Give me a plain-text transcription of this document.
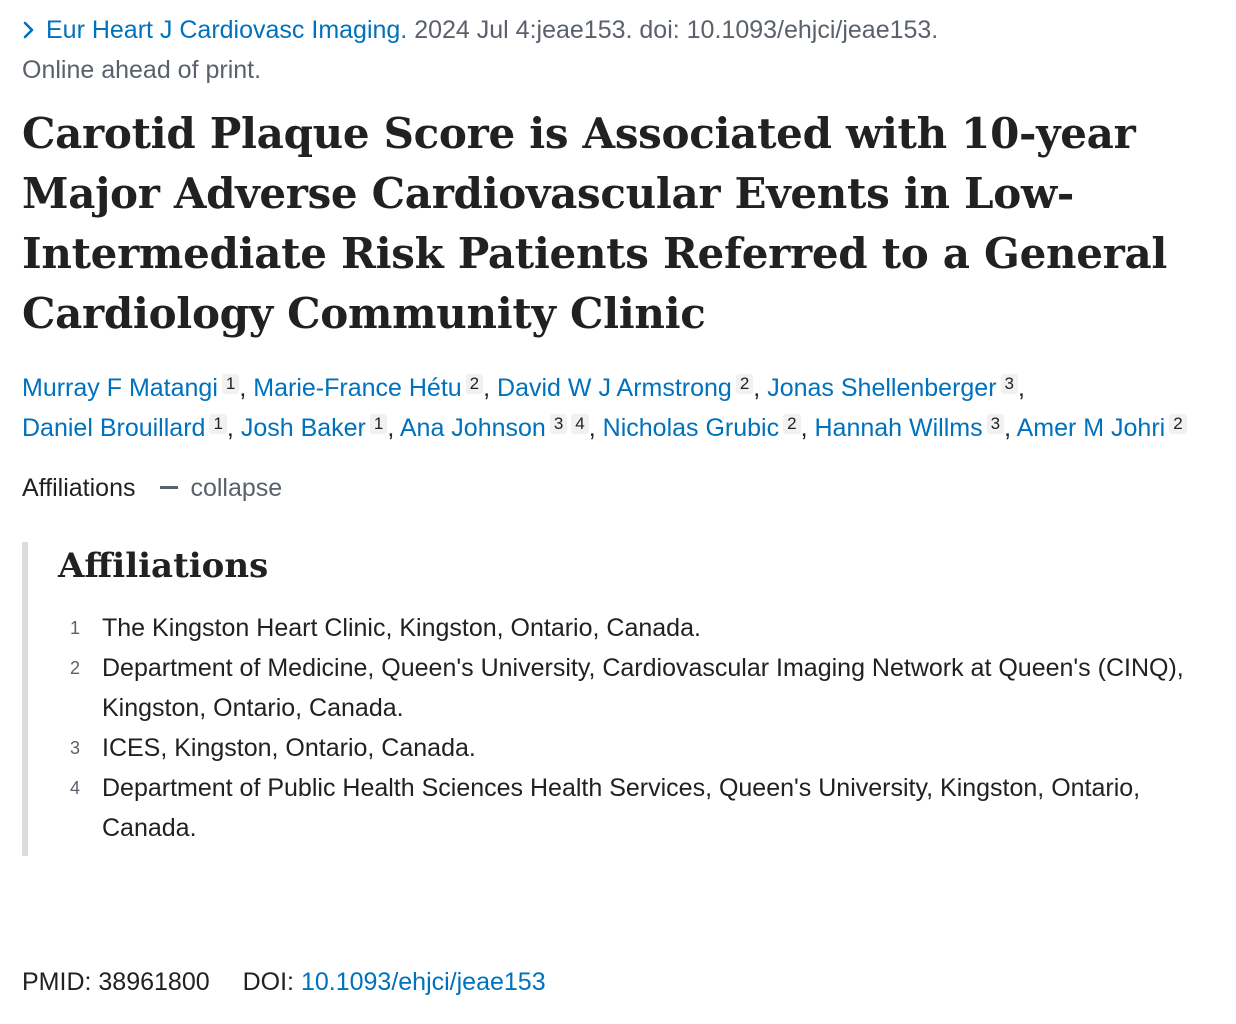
Eur Heart J Cardiovasc Imaging. 2024 Jul 4:jeae153. doi: 10.1093/ehjci/jeae153.
Online ahead of print.
Carotid Plaque Score is Associated with 10-year Major Adverse Cardiovascular Events in Low-Intermediate Risk Patients Referred to a General Cardiology Community Clinic
Murray F Matangi 1 , Marie-France Hétu 2 , David W J Armstrong 2 , Jonas Shellenberger 3 , Daniel Brouillard 1 , Josh Baker 1 , Ana Johnson 3 4 , Nicholas Grubic 2 , Hannah Willms 3 , Amer M Johri 2
Affiliations collapse
Affiliations
1 The Kingston Heart Clinic, Kingston, Ontario, Canada.
2 Department of Medicine, Queen's University, Cardiovascular Imaging Network at Queen's (CINQ), Kingston, Ontario, Canada.
3 ICES, Kingston, Ontario, Canada.
4 Department of Public Health Sciences Health Services, Queen's University, Kingston, Ontario, Canada.
PMID: 38961800 DOI: 10.1093/ehjci/jeae153
